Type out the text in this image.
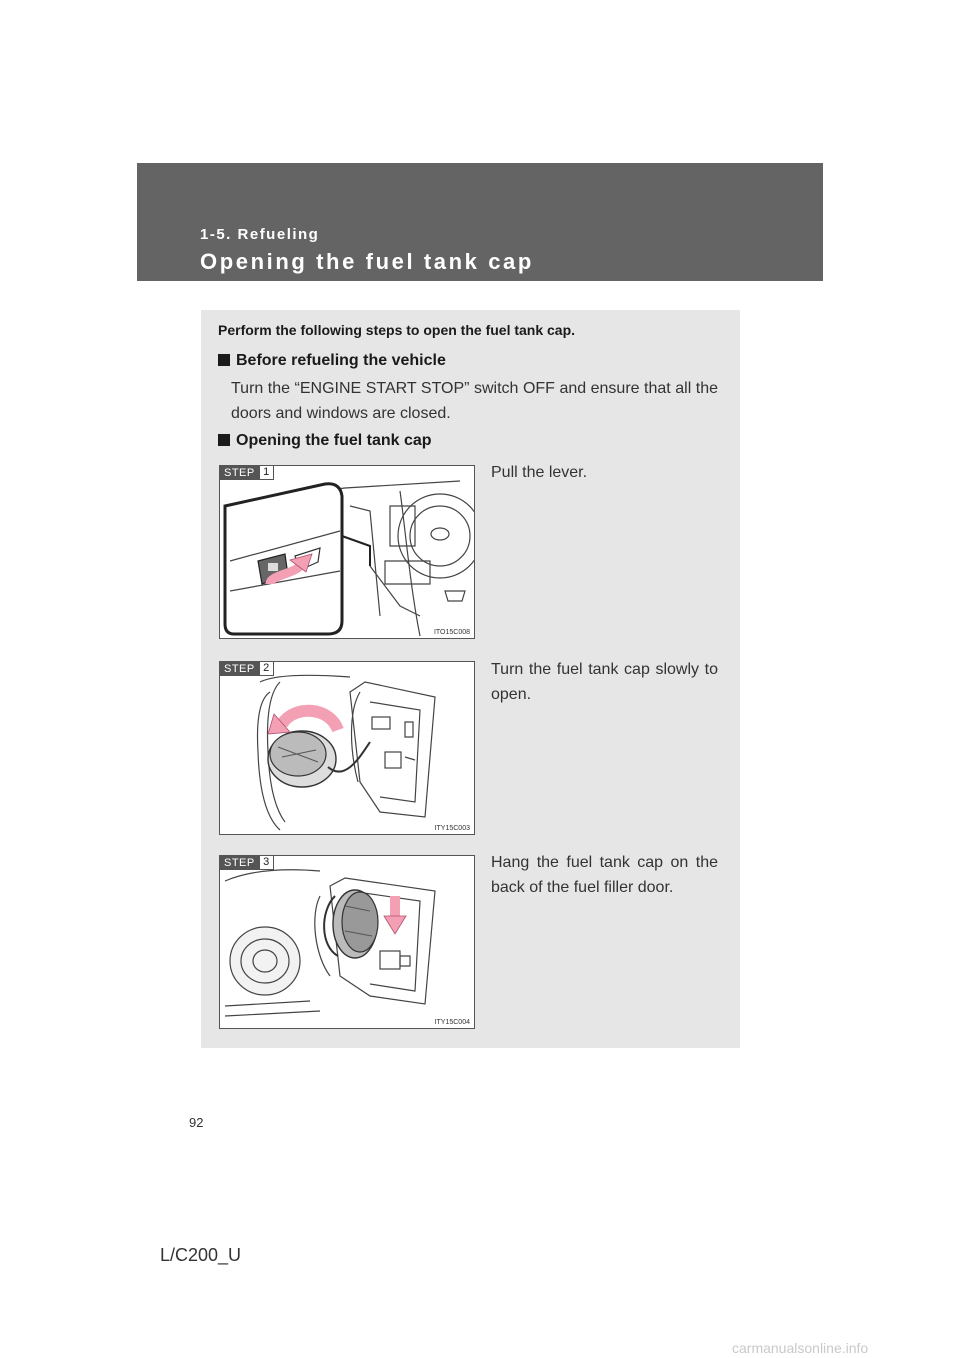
1-5. Refueling
Opening the fuel tank cap
Perform the following steps to open the fuel tank cap.
Before refueling the vehicle
Turn the “ENGINE START STOP” switch OFF and ensure that all the doors and windows are closed.
Opening the fuel tank cap
STEP 1
ITO15C008
Pull the lever.
STEP 2
ITY15C003
Turn the fuel tank cap slowly to open.
STEP 3
ITY15C004
Hang the fuel tank cap on the back of the fuel filler door.
92
L/C200_U
carmanualsonline.info
